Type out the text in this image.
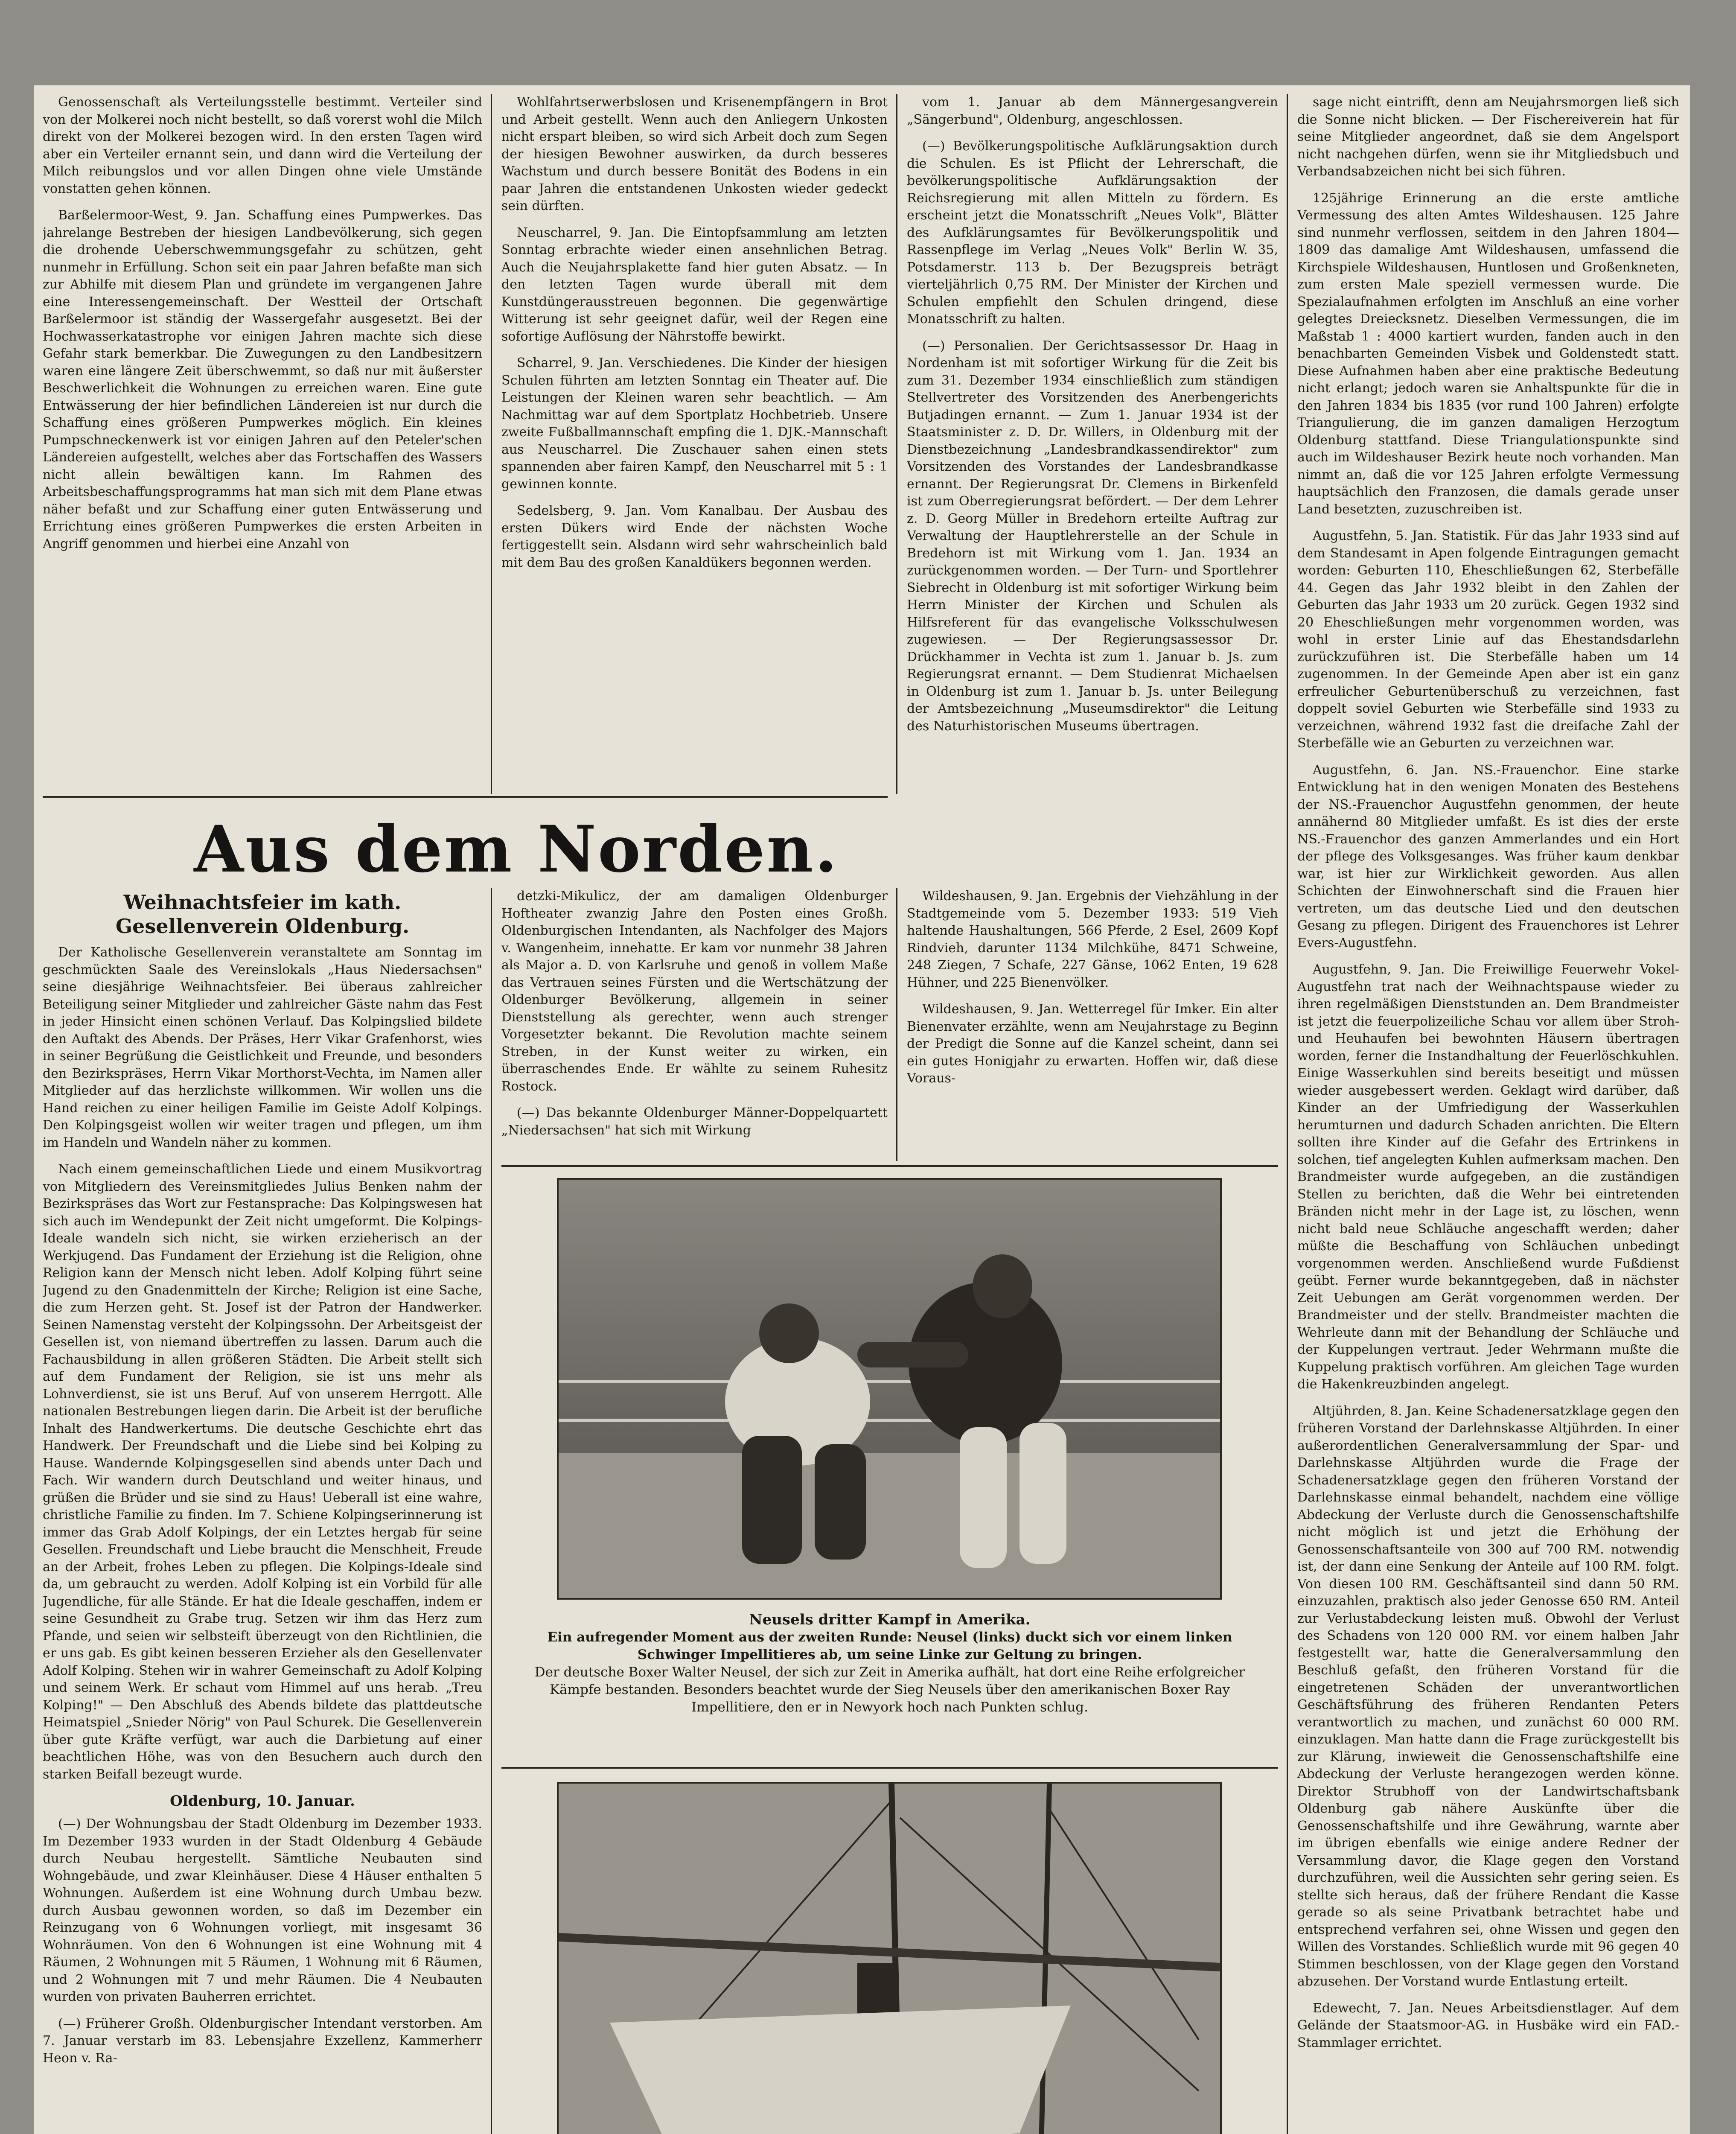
Genossenschaft als Verteilungsstelle bestimmt. Verteiler sind von der Molkerei noch nicht bestellt, so daß vorerst wohl die Milch direkt von der Molkerei bezogen wird. In den ersten Tagen wird aber ein Verteiler ernannt sein, und dann wird die Verteilung der Milch reibungslos und vor allen Dingen ohne viele Umstände vonstatten gehen können.

Barßelermoor-West, 9. Jan. Schaffung eines Pumpwerkes. Das jahrelange Bestreben der hiesigen Landbevölkerung, sich gegen die drohende Ueberschwemmungsgefahr zu schützen, geht nunmehr in Erfüllung. Schon seit ein paar Jahren befaßte man sich zur Abhilfe mit diesem Plan und gründete im vergangenen Jahre eine Interessengemeinschaft. Der Westteil der Ortschaft Barßelermoor ist ständig der Wassergefahr ausgesetzt. Bei der Hochwasserkatastrophe vor einigen Jahren machte sich diese Gefahr stark bemerkbar. Die Zuwegungen zu den Landbesitzern waren eine längere Zeit überschwemmt, so daß nur mit äußerster Beschwerlichkeit die Wohnungen zu erreichen waren. Eine gute Entwässerung der hier befindlichen Ländereien ist nur durch die Schaffung eines größeren Pumpwerkes möglich. Ein kleines Pumpschneckenwerk ist vor einigen Jahren auf den Peteler'schen Ländereien aufgestellt, welches aber das Fortschaffen des Wassers nicht allein bewältigen kann. Im Rahmen des Arbeitsbeschaffungsprogramms hat man sich mit dem Plane etwas näher befaßt und zur Schaffung einer guten Entwässerung und Errichtung eines größeren Pumpwerkes die ersten Arbeiten in Angriff genommen und hierbei eine Anzahl von

Wohlfahrtserwerbslosen und Krisenempfängern in Brot und Arbeit gestellt. Wenn auch den Anliegern Unkosten nicht erspart bleiben, so wird sich Arbeit doch zum Segen der hiesigen Bewohner auswirken, da durch besseres Wachstum und durch bessere Bonität des Bodens in ein paar Jahren die entstandenen Unkosten wieder gedeckt sein dürften.

Neuscharrel, 9. Jan. Die Eintopfsammlung am letzten Sonntag erbrachte wieder einen ansehnlichen Betrag. Auch die Neujahrsplakette fand hier guten Absatz. — In den letzten Tagen wurde überall mit dem Kunstdüngerausstreuen begonnen. Die gegenwärtige Witterung ist sehr geeignet dafür, weil der Regen eine sofortige Auflösung der Nährstoffe bewirkt.

Scharrel, 9. Jan. Verschiedenes. Die Kinder der hiesigen Schulen führten am letzten Sonntag ein Theater auf. Die Leistungen der Kleinen waren sehr beachtlich. — Am Nachmittag war auf dem Sportplatz Hochbetrieb. Unsere zweite Fußballmannschaft empfing die 1. DJK.-Mannschaft aus Neuscharrel. Die Zuschauer sahen einen stets spannenden aber fairen Kampf, den Neuscharrel mit 5 : 1 gewinnen konnte.

Sedelsberg, 9. Jan. Vom Kanalbau. Der Ausbau des ersten Dükers wird Ende der nächsten Woche fertiggestellt sein. Alsdann wird sehr wahrscheinlich bald mit dem Bau des großen Kanaldükers begonnen werden.

vom 1. Januar ab dem Männergesangverein „Sängerbund", Oldenburg, angeschlossen.

(—) Bevölkerungspolitische Aufklärungsaktion durch die Schulen. Es ist Pflicht der Lehrerschaft, die bevölkerungspolitische Aufklärungsaktion der Reichsregierung mit allen Mitteln zu fördern. Es erscheint jetzt die Monatsschrift „Neues Volk", Blätter des Aufklärungsamtes für Bevölkerungspolitik und Rassenpflege im Verlag „Neues Volk" Berlin W. 35, Potsdamerstr. 113 b. Der Bezugspreis beträgt vierteljährlich 0,75 RM. Der Minister der Kirchen und Schulen empfiehlt den Schulen dringend, diese Monatsschrift zu halten.

(—) Personalien. Der Gerichtsassessor Dr. Haag in Nordenham ist mit sofortiger Wirkung für die Zeit bis zum 31. Dezember 1934 einschließlich zum ständigen Stellvertreter des Vorsitzenden des Anerbengerichts Butjadingen ernannt. — Zum 1. Januar 1934 ist der Staatsminister z. D. Dr. Willers, in Oldenburg mit der Dienstbezeichnung „Landesbrandkassendirektor" zum Vorsitzenden des Vorstandes der Landesbrandkasse ernannt. Der Regierungsrat Dr. Clemens in Birkenfeld ist zum Oberregierungsrat befördert. — Der dem Lehrer z. D. Georg Müller in Bredehorn erteilte Auftrag zur Verwaltung der Hauptlehrerstelle an der Schule in Bredehorn ist mit Wirkung vom 1. Jan. 1934 an zurückgenommen worden. — Der Turn- und Sportlehrer Siebrecht in Oldenburg ist mit sofortiger Wirkung beim Herrn Minister der Kirchen und Schulen als Hilfsreferent für das evangelische Volksschulwesen zugewiesen. — Der Regierungsassessor Dr. Drückhammer in Vechta ist zum 1. Januar b. Js. zum Regierungsrat ernannt. — Dem Studienrat Michaelsen in Oldenburg ist zum 1. Januar b. Js. unter Beilegung der Amtsbezeichnung „Museumsdirektor" die Leitung des Naturhistorischen Museums übertragen.

Aus dem Norden.
Weihnachtsfeier im kath. Gesellenverein Oldenburg.

Der Katholische Gesellenverein veranstaltete am Sonntag im geschmückten Saale des Vereinslokals „Haus Niedersachsen" seine diesjährige Weihnachtsfeier. Bei überaus zahlreicher Beteiligung seiner Mitglieder und zahlreicher Gäste nahm das Fest in jeder Hinsicht einen schönen Verlauf. Das Kolpingslied bildete den Auftakt des Abends. Der Präses, Herr Vikar Grafenhorst, wies in seiner Begrüßung die Geistlichkeit und Freunde, und besonders den Bezirkspräses, Herrn Vikar Morthorst-Vechta, im Namen aller Mitglieder auf das herzlichste willkommen. Wir wollen uns die Hand reichen zu einer heiligen Familie im Geiste Adolf Kolpings. Den Kolpingsgeist wollen wir weiter tragen und pflegen, um ihm im Handeln und Wandeln näher zu kommen.

Nach einem gemeinschaftlichen Liede und einem Musikvortrag von Mitgliedern des Vereinsmitgliedes Julius Benken nahm der Bezirkspräses das Wort zur Festansprache: Das Kolpingswesen hat sich auch im Wendepunkt der Zeit nicht umgeformt. Die Kolpings-Ideale wandeln sich nicht, sie wirken erzieherisch an der Werkjugend. Das Fundament der Erziehung ist die Religion, ohne Religion kann der Mensch nicht leben. Adolf Kolping führt seine Jugend zu den Gnadenmitteln der Kirche; Religion ist eine Sache, die zum Herzen geht. St. Josef ist der Patron der Handwerker. Seinen Namenstag versteht der Kolpingssohn. Der Arbeitsgeist der Gesellen ist, von niemand übertreffen zu lassen. Darum auch die Fachausbildung in allen größeren Städten. Die Arbeit stellt sich auf dem Fundament der Religion, sie ist uns mehr als Lohnverdienst, sie ist uns Beruf. Auf von unserem Herrgott. Alle nationalen Bestrebungen liegen darin. Die Arbeit ist der berufliche Inhalt des Handwerkertums. Die deutsche Geschichte ehrt das Handwerk. Der Freundschaft und die Liebe sind bei Kolping zu Hause. Wandernde Kolpingsgesellen sind abends unter Dach und Fach. Wir wandern durch Deutschland und weiter hinaus, und grüßen die Brüder und sie sind zu Haus! Ueberall ist eine wahre, christliche Familie zu finden. Im 7. Schiene Kolpingserinnerung ist immer das Grab Adolf Kolpings, der ein Letztes hergab für seine Gesellen. Freundschaft und Liebe braucht die Menschheit, Freude an der Arbeit, frohes Leben zu pflegen. Die Kolpings-Ideale sind da, um gebraucht zu werden. Adolf Kolping ist ein Vorbild für alle Jugendliche, für alle Stände. Er hat die Ideale geschaffen, indem er seine Gesundheit zu Grabe trug. Setzen wir ihm das Herz zum Pfande, und seien wir selbsteift überzeugt von den Richtlinien, die er uns gab. Es gibt keinen besseren Erzieher als den Gesellenvater Adolf Kolping. Stehen wir in wahrer Gemeinschaft zu Adolf Kolping und seinem Werk. Er schaut vom Himmel auf uns herab. „Treu Kolping!" — Den Abschluß des Abends bildete das plattdeutsche Heimatspiel „Snieder Nörig" von Paul Schurek. Die Gesellenverein über gute Kräfte verfügt, war auch die Darbietung auf einer beachtlichen Höhe, was von den Besuchern auch durch den starken Beifall bezeugt wurde.

Oldenburg, 10. Januar.

(—) Der Wohnungsbau der Stadt Oldenburg im Dezember 1933. Im Dezember 1933 wurden in der Stadt Oldenburg 4 Gebäude durch Neubau hergestellt. Sämtliche Neubauten sind Wohngebäude, und zwar Kleinhäuser. Diese 4 Häuser enthalten 5 Wohnungen. Außerdem ist eine Wohnung durch Umbau bezw. durch Ausbau gewonnen worden, so daß im Dezember ein Reinzugang von 6 Wohnungen vorliegt, mit insgesamt 36 Wohnräumen. Von den 6 Wohnungen ist eine Wohnung mit 4 Räumen, 2 Wohnungen mit 5 Räumen, 1 Wohnung mit 6 Räumen, und 2 Wohnungen mit 7 und mehr Räumen. Die 4 Neubauten wurden von privaten Bauherren errichtet.

(—) Früherer Großh. Oldenburgischer Intendant verstorben. Am 7. Januar verstarb im 83. Lebensjahre Exzellenz, Kammerherr Heon v. Ra-

detzki-Mikulicz, der am damaligen Oldenburger Hoftheater zwanzig Jahre den Posten eines Großh. Oldenburgischen Intendanten, als Nachfolger des Majors v. Wangenheim, innehatte. Er kam vor nunmehr 38 Jahren als Major a. D. von Karlsruhe und genoß in vollem Maße das Vertrauen seines Fürsten und die Wertschätzung der Oldenburger Bevölkerung, allgemein in seiner Dienststellung als gerechter, wenn auch strenger Vorgesetzter bekannt. Die Revolution machte seinem Streben, in der Kunst weiter zu wirken, ein überraschendes Ende. Er wählte zu seinem Ruhesitz Rostock.

(—) Das bekannte Oldenburger Männer-Doppelquartett „Niedersachsen" hat sich mit Wirkung

Wildeshausen, 9. Jan. Ergebnis der Viehzählung in der Stadtgemeinde vom 5. Dezember 1933: 519 Vieh haltende Haushaltungen, 566 Pferde, 2 Esel, 2609 Kopf Rindvieh, darunter 1134 Milchkühe, 8471 Schweine, 248 Ziegen, 7 Schafe, 227 Gänse, 1062 Enten, 19 628 Hühner, und 225 Bienenvölker.

Wildeshausen, 9. Jan. Wetterregel für Imker. Ein alter Bienenvater erzählte, wenn am Neujahrstage zu Beginn der Predigt die Sonne auf die Kanzel scheint, dann sei ein gutes Honigjahr zu erwarten. Hoffen wir, daß diese Voraus-

Neusels dritter Kampf in Amerika.
Ein aufregender Moment aus der zweiten Runde: Neusel (links) duckt sich vor einem linken Schwinger Impellitieres ab, um seine Linke zur Geltung zu bringen.
Der deutsche Boxer Walter Neusel, der sich zur Zeit in Amerika aufhält, hat dort eine Reihe erfolgreicher Kämpfe bestanden. Besonders beachtet wurde der Sieg Neusels über den amerikanischen Boxer Ray Impellitiere, den er in Newyork hoch nach Punkten schlug.

sage nicht eintrifft, denn am Neujahrsmorgen ließ sich die Sonne nicht blicken. — Der Fischereiverein hat für seine Mitglieder angeordnet, daß sie dem Angelsport nicht nachgehen dürfen, wenn sie ihr Mitgliedsbuch und Verbandsabzeichen nicht bei sich führen.

125jährige Erinnerung an die erste amtliche Vermessung des alten Amtes Wildeshausen. 125 Jahre sind nunmehr verflossen, seitdem in den Jahren 1804—1809 das damalige Amt Wildeshausen, umfassend die Kirchspiele Wildeshausen, Huntlosen und Großenkneten, zum ersten Male speziell vermessen wurde. Die Spezialaufnahmen erfolgten im Anschluß an eine vorher gelegtes Dreiecksnetz. Dieselben Vermessungen, die im Maßstab 1 : 4000 kartiert wurden, fanden auch in den benachbarten Gemeinden Visbek und Goldenstedt statt. Diese Aufnahmen haben aber eine praktische Bedeutung nicht erlangt; jedoch waren sie Anhaltspunkte für die in den Jahren 1834 bis 1835 (vor rund 100 Jahren) erfolgte Triangulierung, die im ganzen damaligen Herzogtum Oldenburg stattfand. Diese Triangulationspunkte sind auch im Wildeshauser Bezirk heute noch vorhanden. Man nimmt an, daß die vor 125 Jahren erfolgte Vermessung hauptsächlich den Franzosen, die damals gerade unser Land besetzten, zuzuschreiben ist.

Augustfehn, 5. Jan. Statistik. Für das Jahr 1933 sind auf dem Standesamt in Apen folgende Eintragungen gemacht worden: Geburten 110, Eheschließungen 62, Sterbefälle 44. Gegen das Jahr 1932 bleibt in den Zahlen der Geburten das Jahr 1933 um 20 zurück. Gegen 1932 sind 20 Eheschließungen mehr vorgenommen worden, was wohl in erster Linie auf das Ehestandsdarlehn zurückzuführen ist. Die Sterbefälle haben um 14 zugenommen. In der Gemeinde Apen aber ist ein ganz erfreulicher Geburtenüberschuß zu verzeichnen, fast doppelt soviel Geburten wie Sterbefälle sind 1933 zu verzeichnen, während 1932 fast die dreifache Zahl der Sterbefälle wie an Geburten zu verzeichnen war.

Augustfehn, 6. Jan. NS.-Frauenchor. Eine starke Entwicklung hat in den wenigen Monaten des Bestehens der NS.-Frauenchor Augustfehn genommen, der heute annähernd 80 Mitglieder umfaßt. Es ist dies der erste NS.-Frauenchor des ganzen Ammerlandes und ein Hort der pflege des Volksgesanges. Was früher kaum denkbar war, ist hier zur Wirklichkeit geworden. Aus allen Schichten der Einwohnerschaft sind die Frauen hier vertreten, um das deutsche Lied und den deutschen Gesang zu pflegen. Dirigent des Frauenchores ist Lehrer Evers-Augustfehn.

Augustfehn, 9. Jan. Die Freiwillige Feuerwehr Vokel-Augustfehn trat nach der Weihnachtspause wieder zu ihren regelmäßigen Dienststunden an. Dem Brandmeister ist jetzt die feuerpolizeiliche Schau vor allem über Stroh- und Heuhaufen bei bewohnten Häusern übertragen worden, ferner die Instandhaltung der Feuerlöschkuhlen. Einige Wasserkuhlen sind bereits beseitigt und müssen wieder ausgebessert werden. Geklagt wird darüber, daß Kinder an der Umfriedigung der Wasserkuhlen herumturnen und dadurch Schaden anrichten. Die Eltern sollten ihre Kinder auf die Gefahr des Ertrinkens in solchen, tief angelegten Kuhlen aufmerksam machen. Den Brandmeister wurde aufgegeben, an die zuständigen Stellen zu berichten, daß die Wehr bei eintretenden Bränden nicht mehr in der Lage ist, zu löschen, wenn nicht bald neue Schläuche angeschafft werden; daher müßte die Beschaffung von Schläuchen unbedingt vorgenommen werden. Anschließend wurde Fußdienst geübt. Ferner wurde bekanntgegeben, daß in nächster Zeit Uebungen am Gerät vorgenommen werden. Der Brandmeister und der stellv. Brandmeister machten die Wehrleute dann mit der Behandlung der Schläuche und der Kuppelungen vertraut. Jeder Wehrmann mußte die Kuppelung praktisch vorführen. Am gleichen Tage wurden die Hakenkreuzbinden angelegt.

Altjührden, 8. Jan. Keine Schadenersatzklage gegen den früheren Vorstand der Darlehnskasse Altjührden. In einer außerordentlichen Generalversammlung der Spar- und Darlehnskasse Altjührden wurde die Frage der Schadenersatzklage gegen den früheren Vorstand der Darlehnskasse einmal behandelt, nachdem eine völlige Abdeckung der Verluste durch die Genossenschaftshilfe nicht möglich ist und jetzt die Erhöhung der Genossenschaftsanteile von 300 auf 700 RM. notwendig ist, der dann eine Senkung der Anteile auf 100 RM. folgt. Von diesen 100 RM. Geschäftsanteil sind dann 50 RM. einzuzahlen, praktisch also jeder Genosse 650 RM. Anteil zur Verlustabdeckung leisten muß. Obwohl der Verlust des Schadens von 120 000 RM. vor einem halben Jahr festgestellt war, hatte die Generalversammlung den Beschluß gefaßt, den früheren Vorstand für die eingetretenen Schäden der unverantwortlichen Geschäftsführung des früheren Rendanten Peters verantwortlich zu machen, und zunächst 60 000 RM. einzuklagen. Man hatte dann die Frage zurückgestellt bis zur Klärung, inwieweit die Genossenschaftshilfe eine Abdeckung der Verluste herangezogen werden könne. Direktor Strubhoff von der Landwirtschaftsbank Oldenburg gab nähere Auskünfte über die Genossenschaftshilfe und ihre Gewährung, warnte aber im übrigen ebenfalls wie einige andere Redner der Versammlung davor, die Klage gegen den Vorstand durchzuführen, weil die Aussichten sehr gering seien. Es stellte sich heraus, daß der frühere Rendant die Kasse gerade so als seine Privatbank betrachtet habe und entsprechend verfahren sei, ohne Wissen und gegen den Willen des Vorstandes. Schließlich wurde mit 96 gegen 40 Stimmen beschlossen, von der Klage gegen den Vorstand abzusehen. Der Vorstand wurde Entlastung erteilt.

Edewecht, 7. Jan. Neues Arbeitsdienstlager. Auf dem Gelände der Staatsmoor-AG. in Husbäke wird ein FAD.-Stammlager errichtet.
